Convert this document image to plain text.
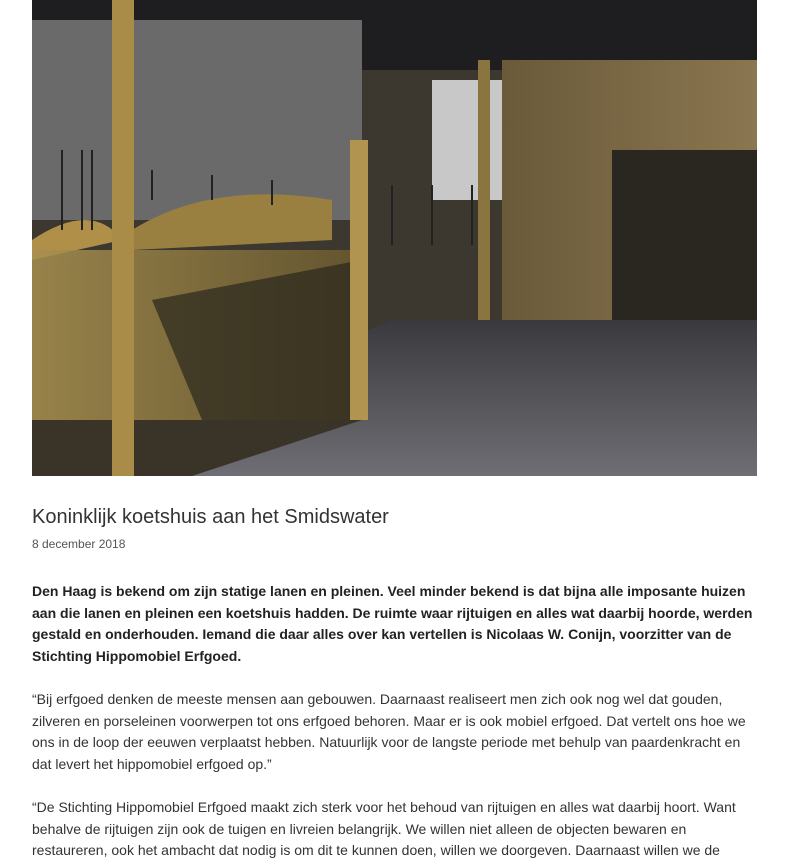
Koninklijk koetshuis aan het Smidswater
8 december 2018

Den Haag is bekend om zijn statige lanen en pleinen. Veel minder bekend is dat bijna alle imposante huizen aan die lanen en pleinen een koetshuis hadden. De ruimte waar rijtuigen en alles wat daarbij hoorde, werden gestald en onderhouden. Iemand die daar alles over kan vertellen is Nicolaas W. Conijn, voorzitter van de Stichting Hippomobiel Erfgoed.

“Bij erfgoed denken de meeste mensen aan gebouwen. Daarnaast realiseert men zich ook nog wel dat gouden, zilveren en porseleinen voorwerpen tot ons erfgoed behoren. Maar er is ook mobiel erfgoed. Dat vertelt ons hoe we ons in de loop der eeuwen verplaatst hebben. Natuurlijk voor de langste periode met behulp van paardenkracht en dat levert het hippomobiel erfgoed op.”

“De Stichting Hippomobiel Erfgoed maakt zich sterk voor het behoud van rijtuigen en alles wat daarbij hoort. Want behalve de rijtuigen zijn ook de tuigen en livreien belangrijk. We willen niet alleen de objecten bewaren en restaureren, ook het ambacht dat nodig is om dit te kunnen doen, willen we doorgeven. Daarnaast willen we de
